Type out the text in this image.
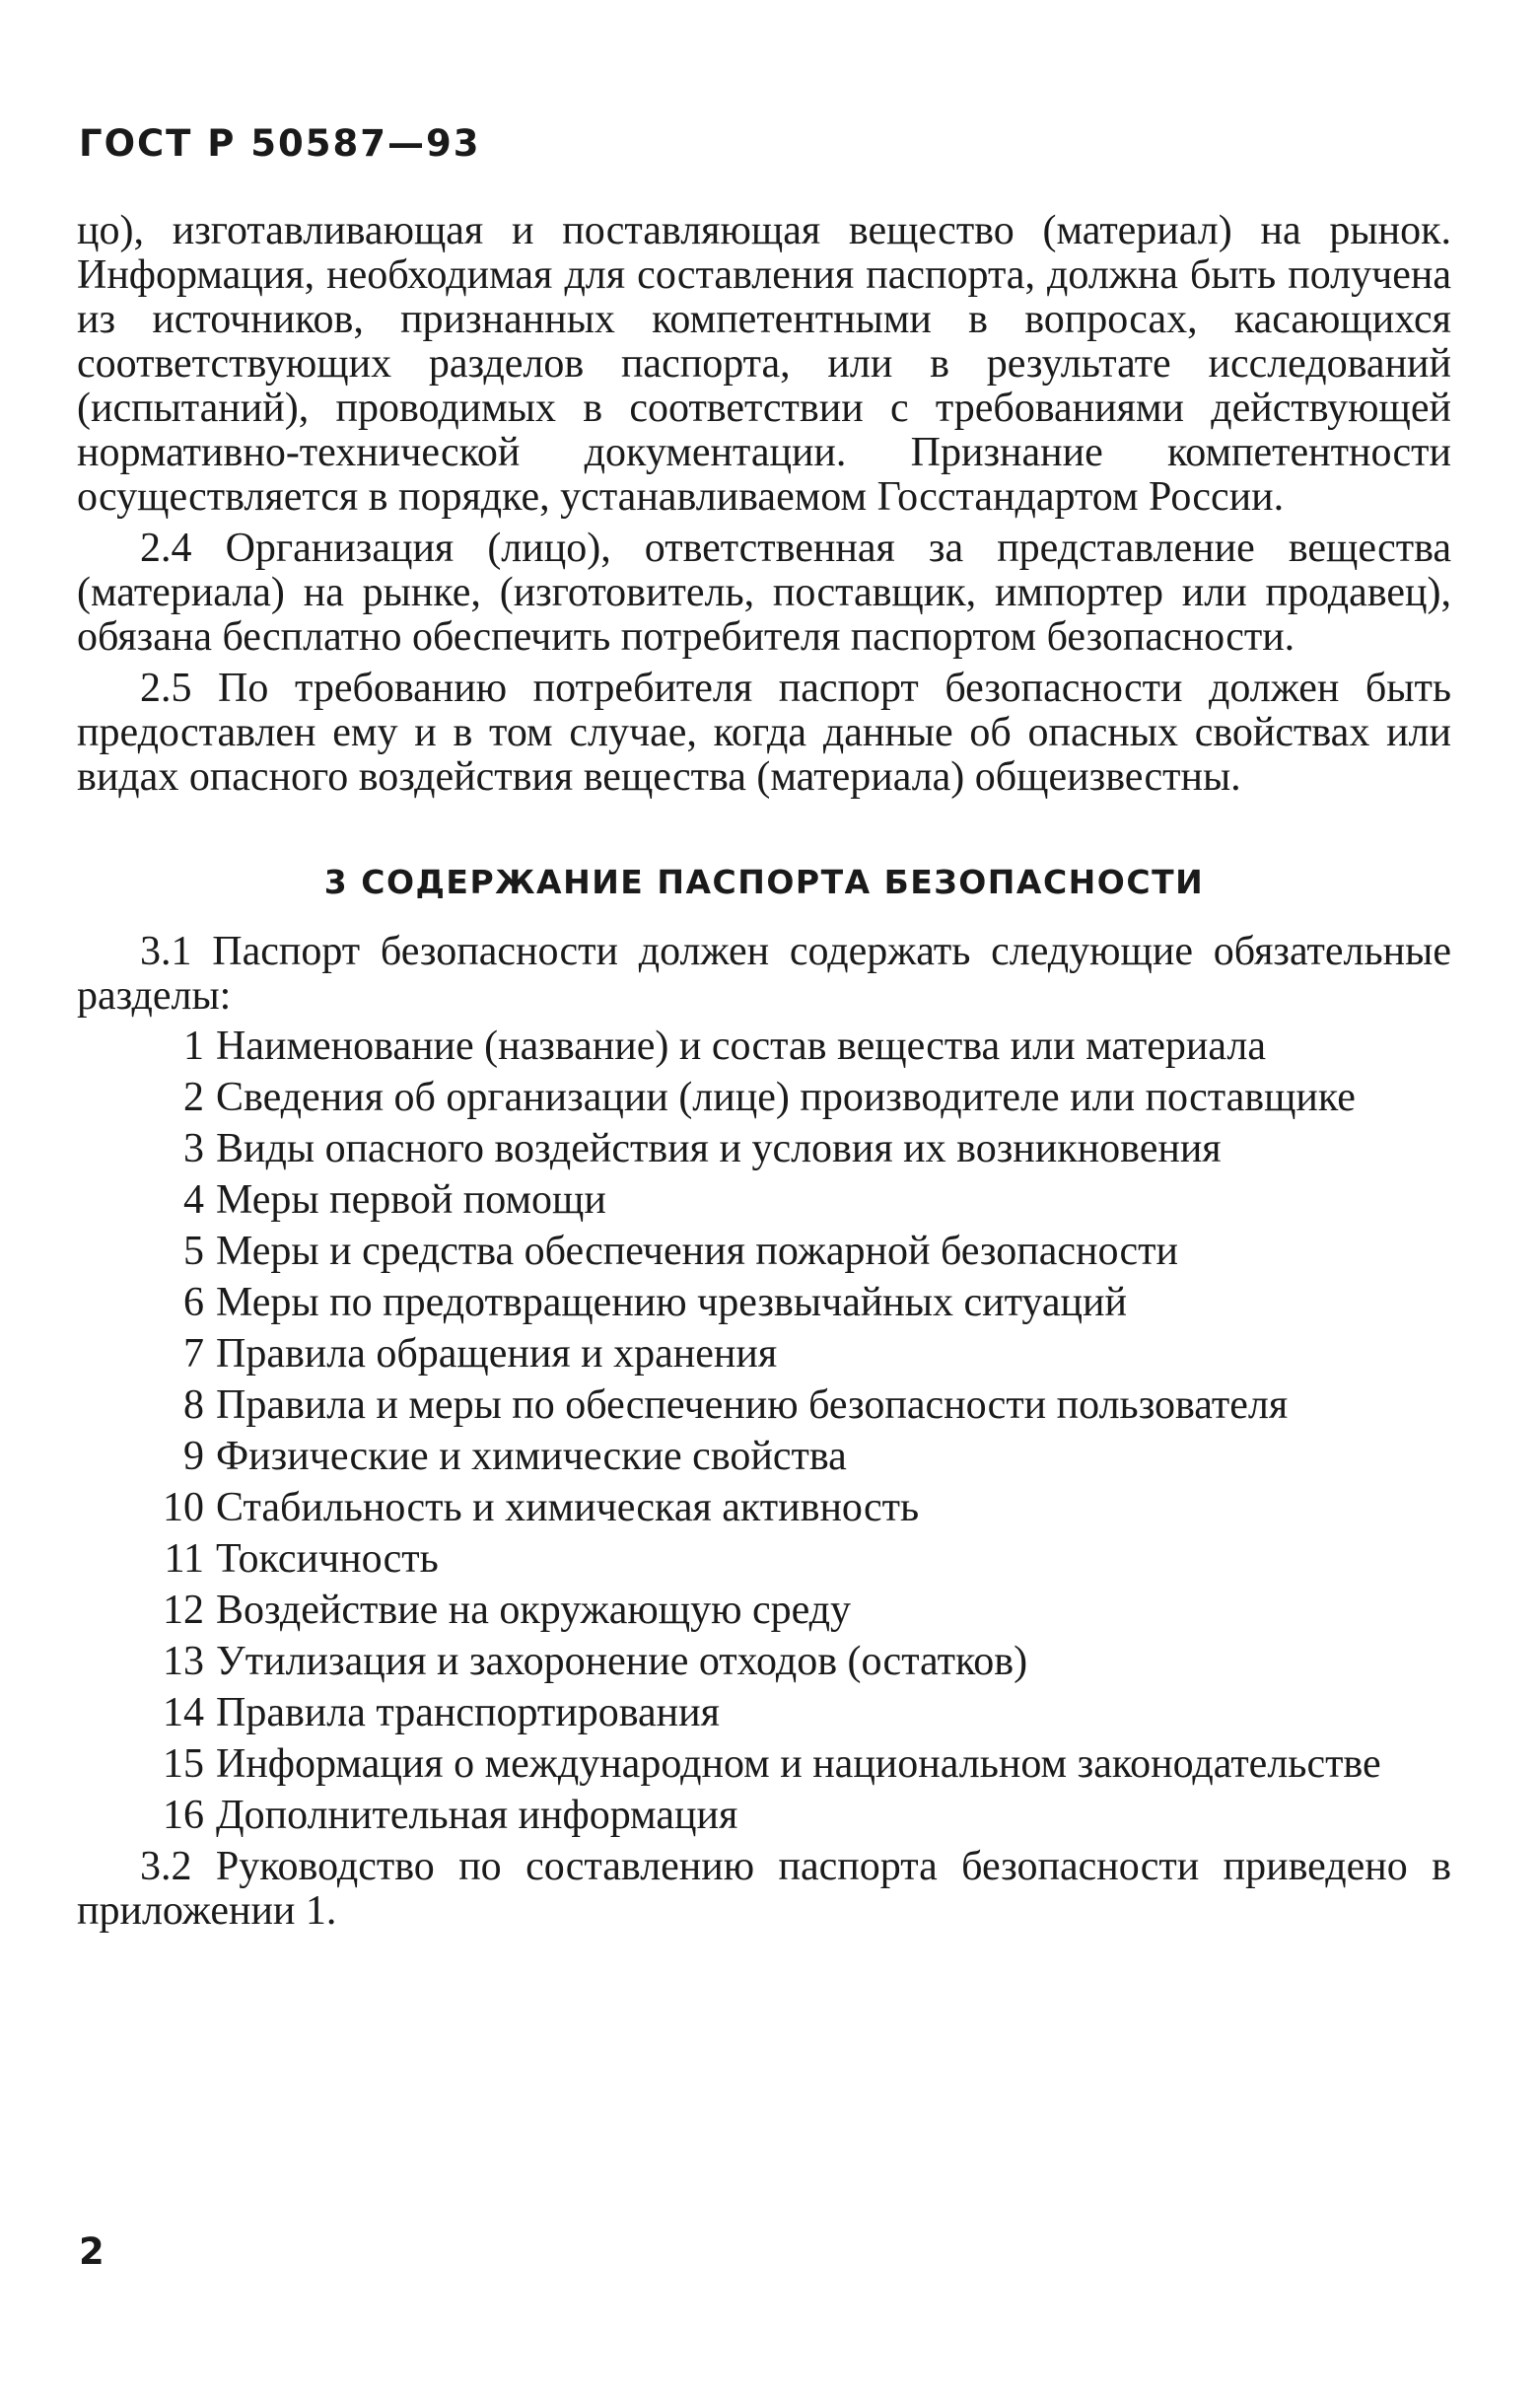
ГОСТ Р 50587—93

цо), изготавливающая и поставляющая вещество (материал) на рынок. Информация, необходимая для составления паспорта, должна быть получена из источников, признанных компетентными в вопросах, касающихся соответствующих разделов паспорта, или в результате исследований (испытаний), проводимых в соответствии с требованиями действующей нормативно-технической документации. Признание компетентности осуществляется в порядке, устанавливаемом Госстандартом России.

2.4 Организация (лицо), ответственная за представление вещества (материала) на рынке, (изготовитель, поставщик, импортер или продавец), обязана бесплатно обеспечить потребителя паспортом безопасности.

2.5 По требованию потребителя паспорт безопасности должен быть предоставлен ему и в том случае, когда данные об опасных свойствах или видах опасного воздействия вещества (материала) общеизвестны.

3 СОДЕРЖАНИЕ ПАСПОРТА БЕЗОПАСНОСТИ

3.1 Паспорт безопасности должен содержать следующие обязательные разделы:

1 Наименование (название) и состав вещества или материала
2 Сведения об организации (лице) производителе или поставщике
3 Виды опасного воздействия и условия их возникновения
4 Меры первой помощи
5 Меры и средства обеспечения пожарной безопасности
6 Меры по предотвращению чрезвычайных ситуаций
7 Правила обращения и хранения
8 Правила и меры по обеспечению безопасности пользователя
9 Физические и химические свойства
10 Стабильность и химическая активность
11 Токсичность
12 Воздействие на окружающую среду
13 Утилизация и захоронение отходов (остатков)
14 Правила транспортирования
15 Информация о международном и национальном законодательстве
16 Дополнительная информация

3.2 Руководство по составлению паспорта безопасности приведено в приложении 1.

2
